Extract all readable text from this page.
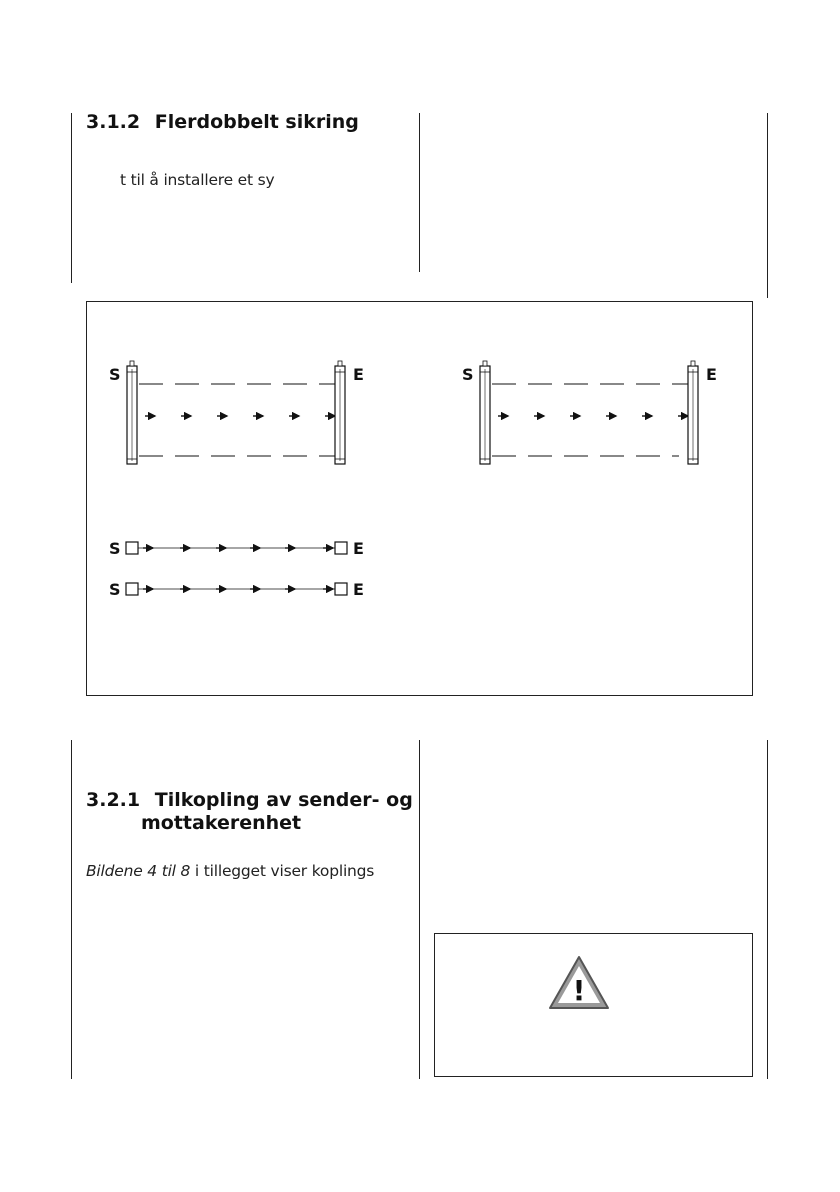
3.1.2 Flerdobbelt sikring

t til å installere et sy

S	E	S	E
S	E
S	E
3.2.1 Tilkopling av sender- og
mottakerenhet

Bildene 4 til 8 i tillegget viser koplings

!
